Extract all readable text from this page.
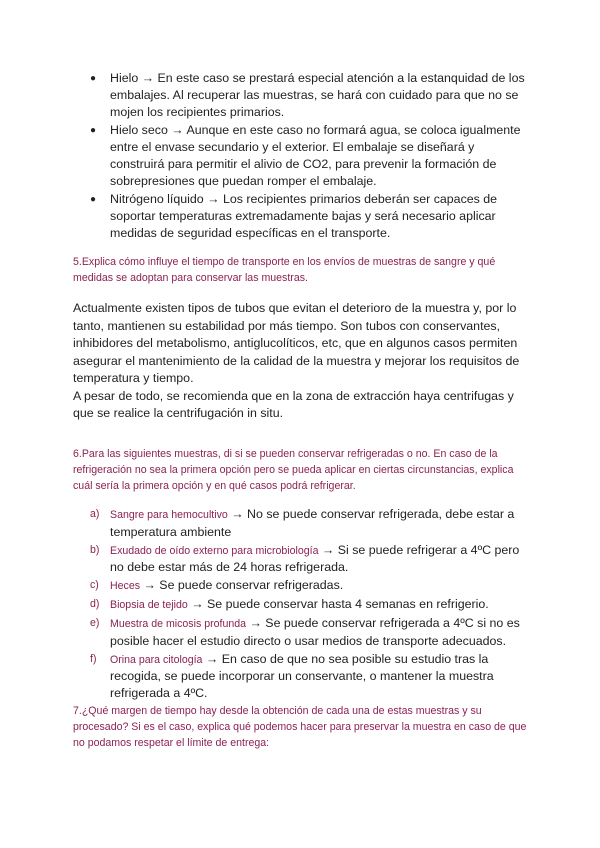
● Hielo → En este caso se prestará especial atención a la estanquidad de los embalajes. Al recuperar las muestras, se hará con cuidado para que no se mojen los recipientes primarios.
● Hielo seco → Aunque en este caso no formará agua, se coloca igualmente entre el envase secundario y el exterior. El embalaje se diseñará y construirá para permitir el alivio de CO2, para prevenir la formación de sobrepresiones que puedan romper el embalaje.
● Nitrógeno líquido → Los recipientes primarios deberán ser capaces de soportar temperaturas extremadamente bajas y será necesario aplicar medidas de seguridad específicas en el transporte.
5.Explica cómo influye el tiempo de transporte en los envíos de muestras de sangre y qué medidas se adoptan para conservar las muestras.

Actualmente existen tipos de tubos que evitan el deterioro de la muestra y, por lo tanto, mantienen su estabilidad por más tiempo. Son tubos con conservantes, inhibidores del metabolismo, antiglucolíticos, etc, que en algunos casos permiten asegurar el mantenimiento de la calidad de la muestra y mejorar los requisitos de temperatura y tiempo.

A pesar de todo, se recomienda que en la zona de extracción haya centrifugas y que se realice la centrifugación in situ.

6.Para las siguientes muestras, di si se pueden conservar refrigeradas o no. En caso de la refrigeración no sea la primera opción pero se pueda aplicar en ciertas circunstancias, explica cuál sería la primera opción y en qué casos podrá refrigerar.
a) Sangre para hemocultivo → No se puede conservar refrigerada, debe estar a temperatura ambiente
b) Exudado de oído externo para microbiología → Si se puede refrigerar a 4ºC pero no debe estar más de 24 horas refrigerada.
c) Heces → Se puede conservar refrigeradas.
d) Biopsia de tejido → Se puede conservar hasta 4 semanas en refrigerio.
e) Muestra de micosis profunda → Se puede conservar refrigerada a 4ºC si no es posible hacer el estudio directo o usar medios de transporte adecuados.
f) Orina para citología → En caso de que no sea posible su estudio tras la recogida, se puede incorporar un conservante, o mantener la muestra refrigerada a 4ºC.
7.¿Qué margen de tiempo hay desde la obtención de cada una de estas muestras y su procesado? Si es el caso, explica qué podemos hacer para preservar la muestra en caso de que no podamos respetar el límite de entrega:
